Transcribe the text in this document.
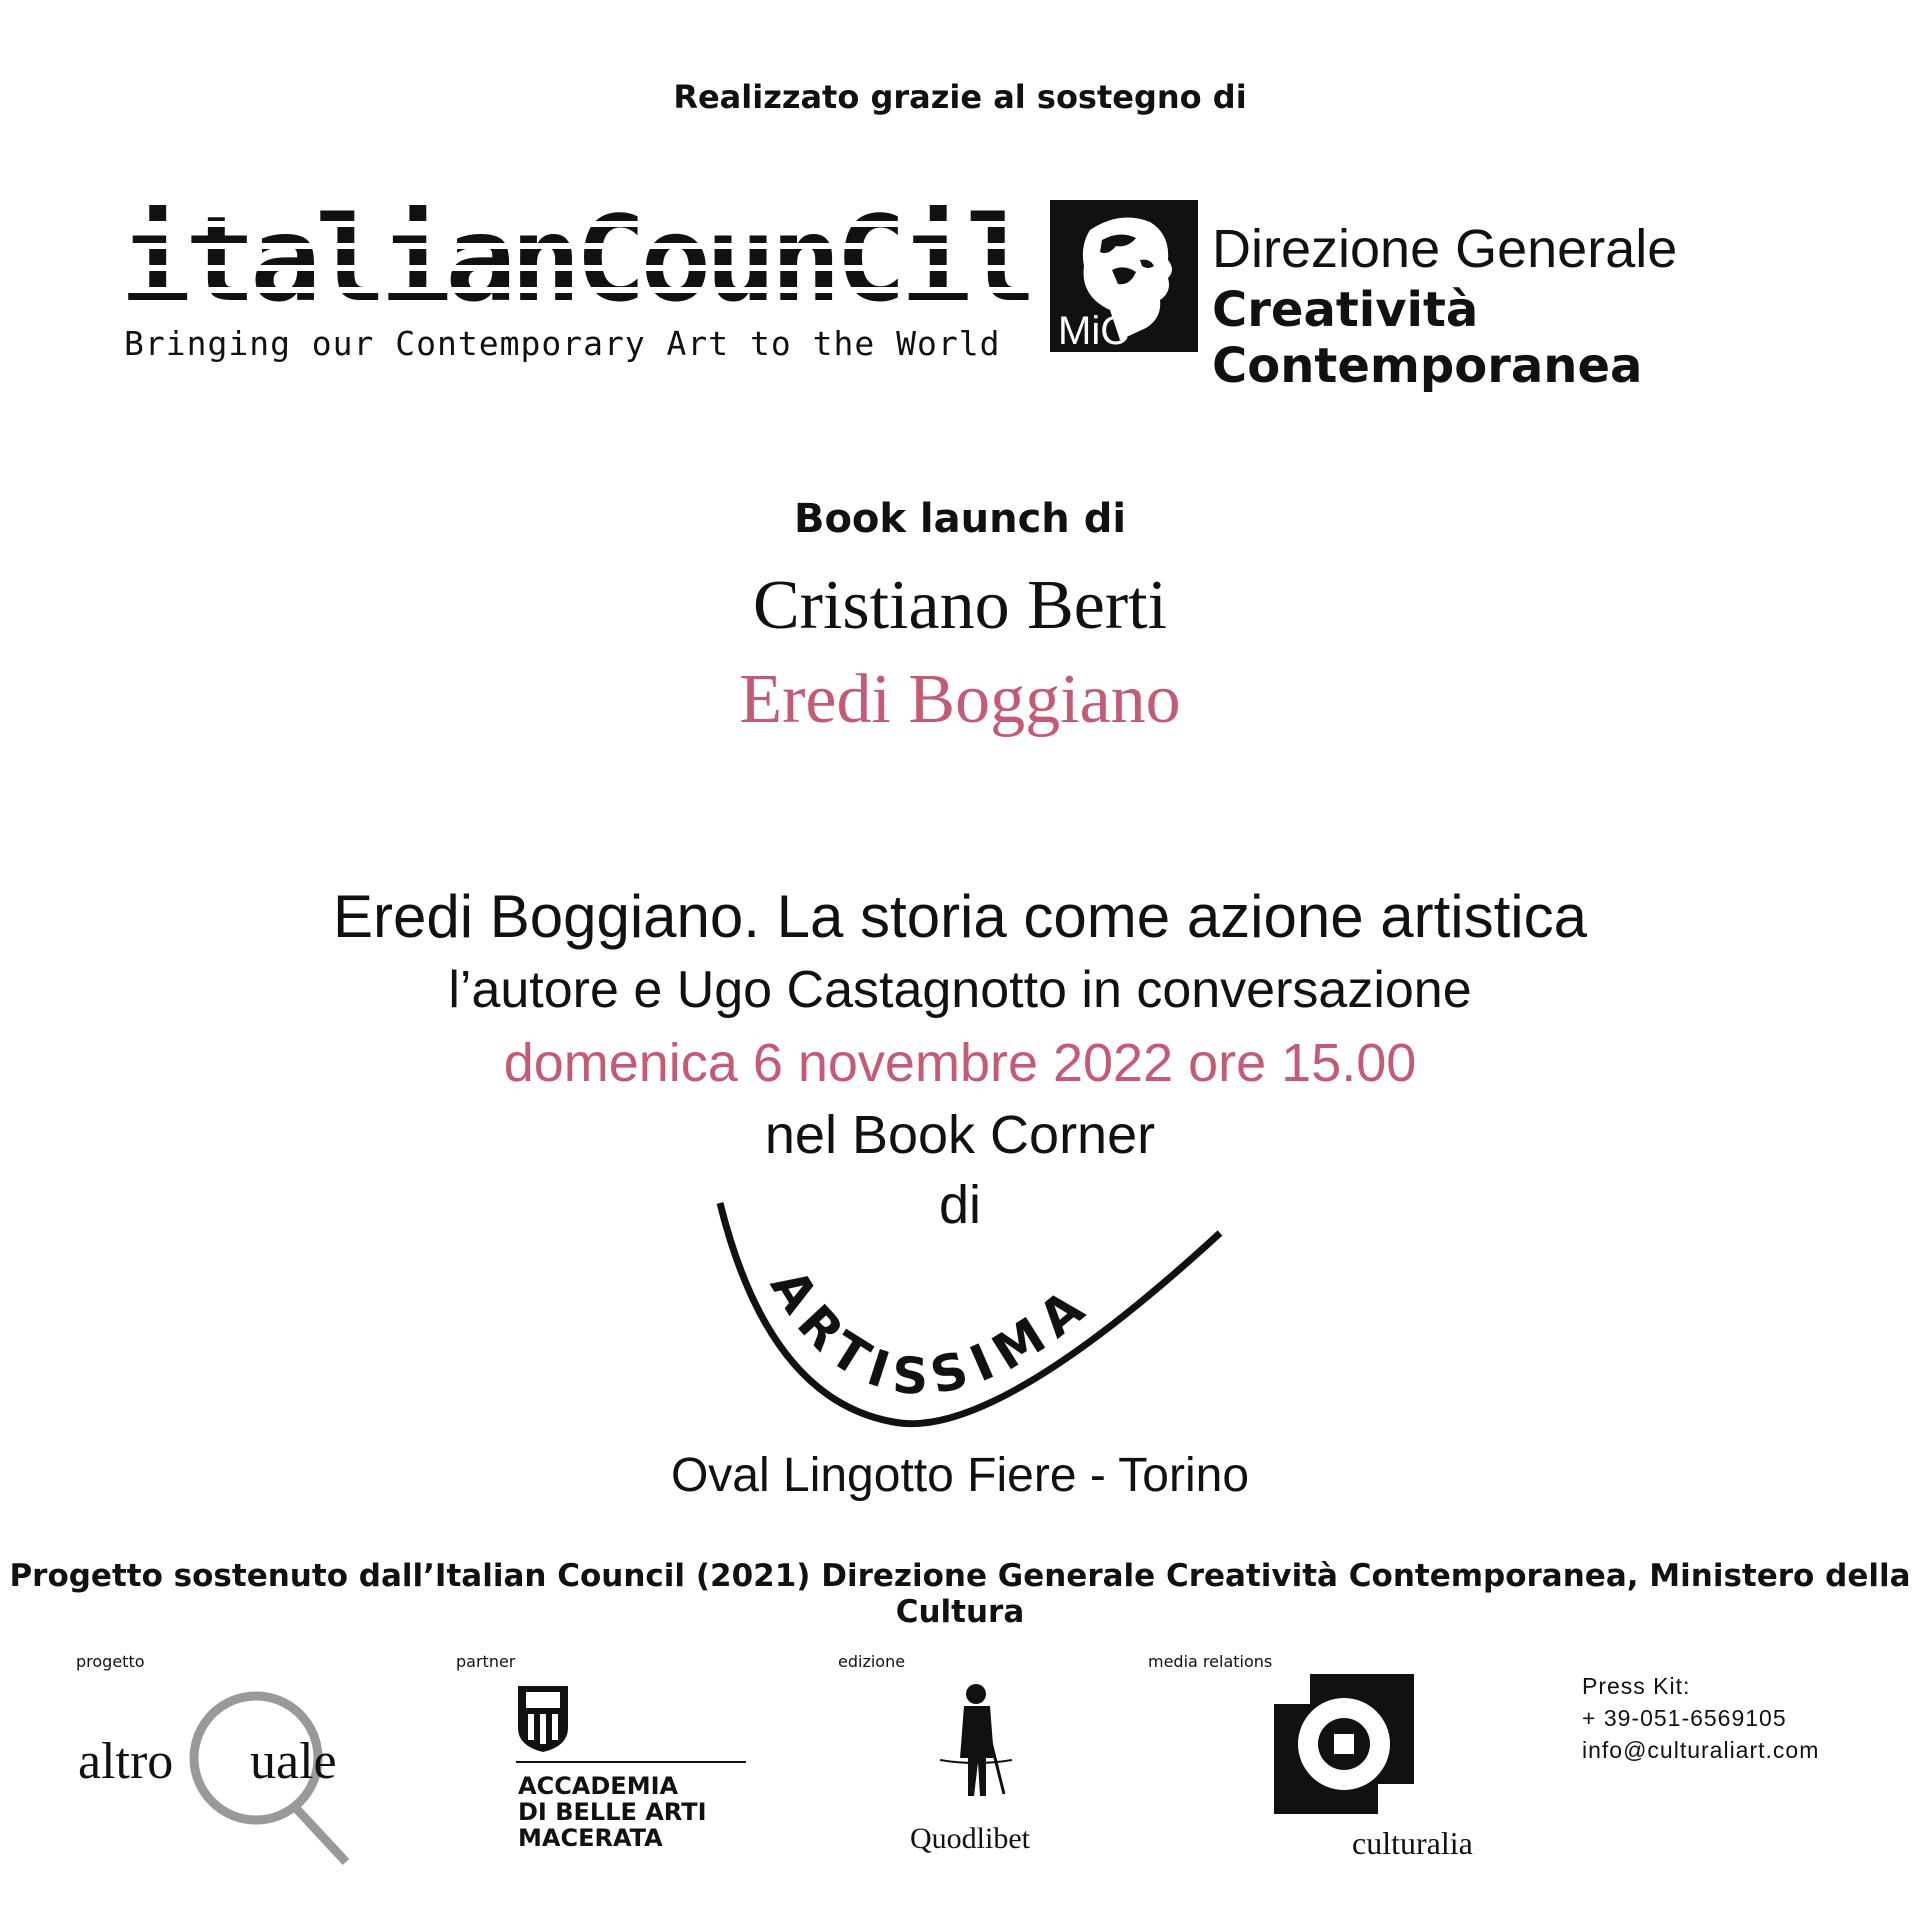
Realizzato grazie al sostegno di
italianCounCil
Bringing our Contemporary Art to the World MiC
Direzione Generale
Creatività Contemporanea
Book launch di
Cristiano Berti
Eredi Boggiano
Eredi Boggiano. La storia come azione artistica
l’autore e Ugo Castagnotto in conversazione
domenica 6 novembre 2022 ore 15.00
nel Book Corner
di
ARTISSIMA
Oval Lingotto Fiere - Torino
Progetto sostenuto dall’Italian Council (2021) Direzione Generale Creatività Contemporanea, Ministero della Cultura
progetto	partner	edizione	media relations
altro uale	ACCADEMIA
DI BELLE ARTI
MACERATA	Quodlibet	culturalia
Press Kit:
+ 39-051-6569105
info@culturaliart.com
